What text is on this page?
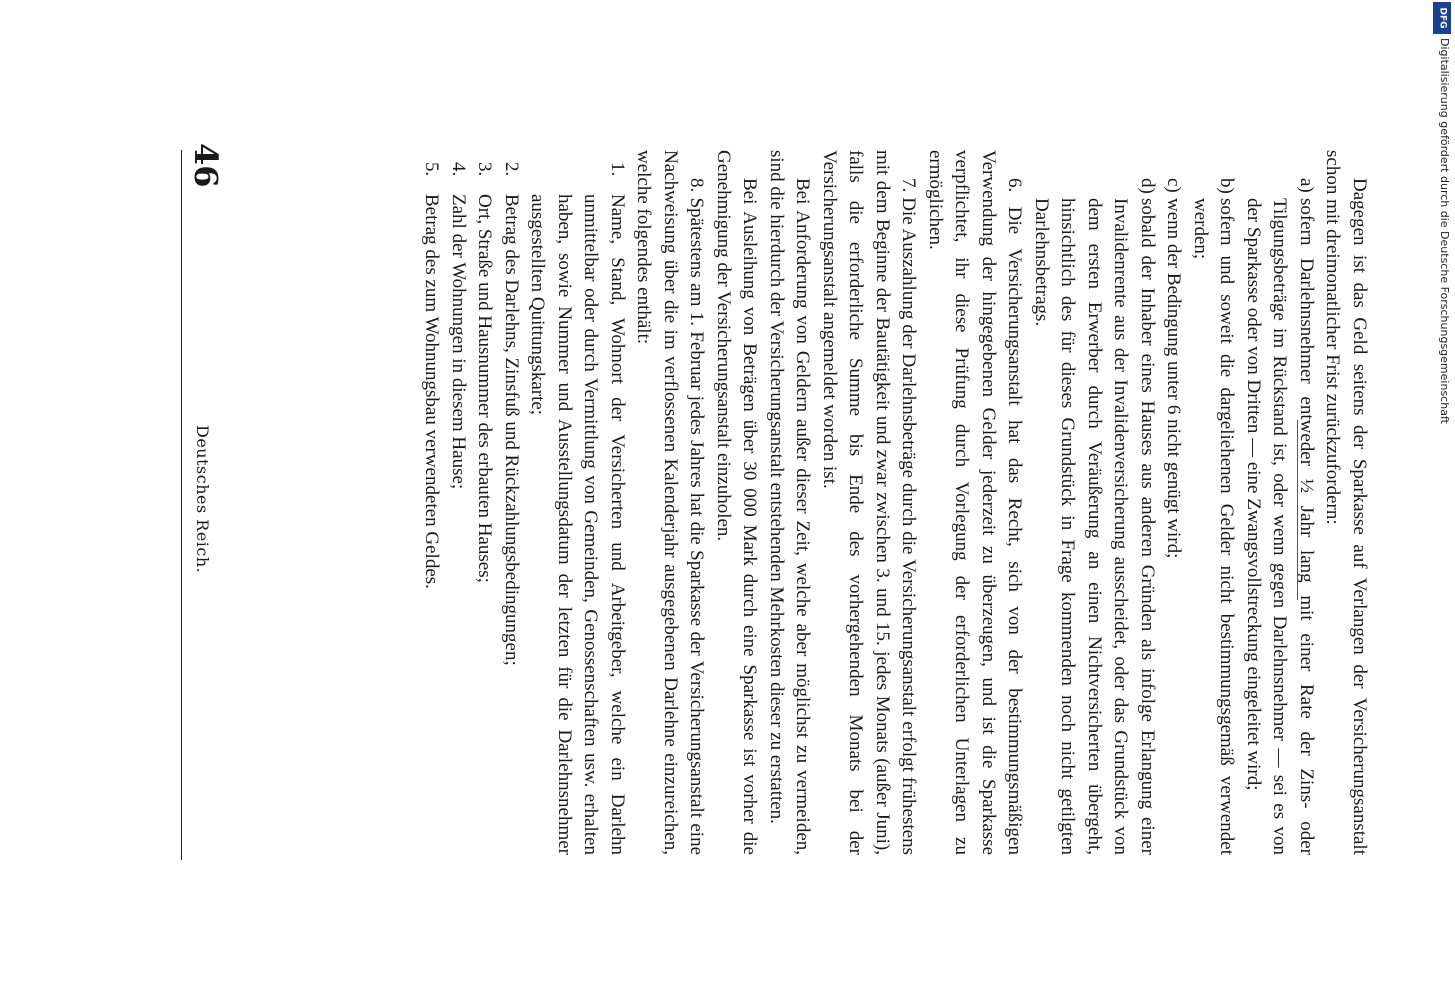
46
Deutsches Reich.	Dagegen ist das Geld seitens der Sparkasse auf Verlangen der Versicherungsanstalt schon mit dreimonatlicher Frist zurückzufordern:

a)
sofern Darlehnsnehmer entweder ½ Jahr lang mit einer Rate der Zins- oder Tilgungsbeträge im Rückstand ist, oder wenn gegen Darlehnsnehmer — sei es von der Sparkasse oder von Dritten — eine Zwangsvollstreckung eingeleitet wird;

b)
sofern und soweit die dargeliehenen Gelder nicht bestimmungsgemäß verwendet werden;

c)
wenn der Bedingung unter 6 nicht genügt wird;

d)
sobald der Inhaber eines Hauses aus anderen Gründen als infolge Erlangung einer Invalidenrente aus der Invalidenversicherung ausscheidet, oder das Grundstück von dem ersten Erwerber durch Veräußerung an einen Nichtversicherten übergeht, hinsichtlich des für dieses Grundstück in Frage kommenden noch nicht getilgten Darlehnsbetrags.

6. Die Versicherungsanstalt hat das Recht, sich von der bestimmungsmäßigen Verwendung der hingegebenen Gelder jederzeit zu überzeugen, und ist die Sparkasse verpflichtet, ihr diese Prüfung durch Vorlegung der erforderlichen Unterlagen zu ermöglichen.

7. Die Auszahlung der Darlehnsbeträge durch die Versicherungsanstalt erfolgt frühestens mit dem Beginne der Bautätigkeit und zwar zwischen 3. und 15. jedes Monats (außer Juni), falls die erforderliche Summe bis Ende des vorhergehenden Monats bei der Versicherungsanstalt angemeldet worden ist.

Bei Anforderung von Geldern außer dieser Zeit, welche aber möglichst zu vermeiden, sind die hierdurch der Versicherungsanstalt entstehenden Mehrkosten dieser zu erstatten.

Bei Ausleihung von Beträgen über 30 000 Mark durch eine Sparkasse ist vorher die Genehmigung der Versicherungsanstalt einzuholen.

8. Spätestens am 1. Februar jedes Jahres hat die Sparkasse der Versicherungsanstalt eine Nachweisung über die im verflossenen Kalenderjahr ausgegebenen Darlehne einzureichen, welche folgendes enthält:

1.
Name, Stand, Wohnort der Versicherten und Arbeitgeber, welche ein Darlehn unmittelbar oder durch Vermittlung von Gemeinden, Genossenschaften usw. erhalten haben, sowie Nummer und Ausstellungsdatum der letzten für die Darlehnsnehmer ausgestellten Quittungskarte;

2.
Betrag des Darlehns, Zinsfuß und Rückzahlungsbedingungen;

3.
Ort, Straße und Hausnummer des erbauten Hauses;

4.
Zahl der Wohnungen in diesem Hause;

5.
Betrag des zum Wohnungsbau verwendeten Geldes.

DFG
Digitalisierung gefördert durch die Deutsche Forschungsgemeinschaft
